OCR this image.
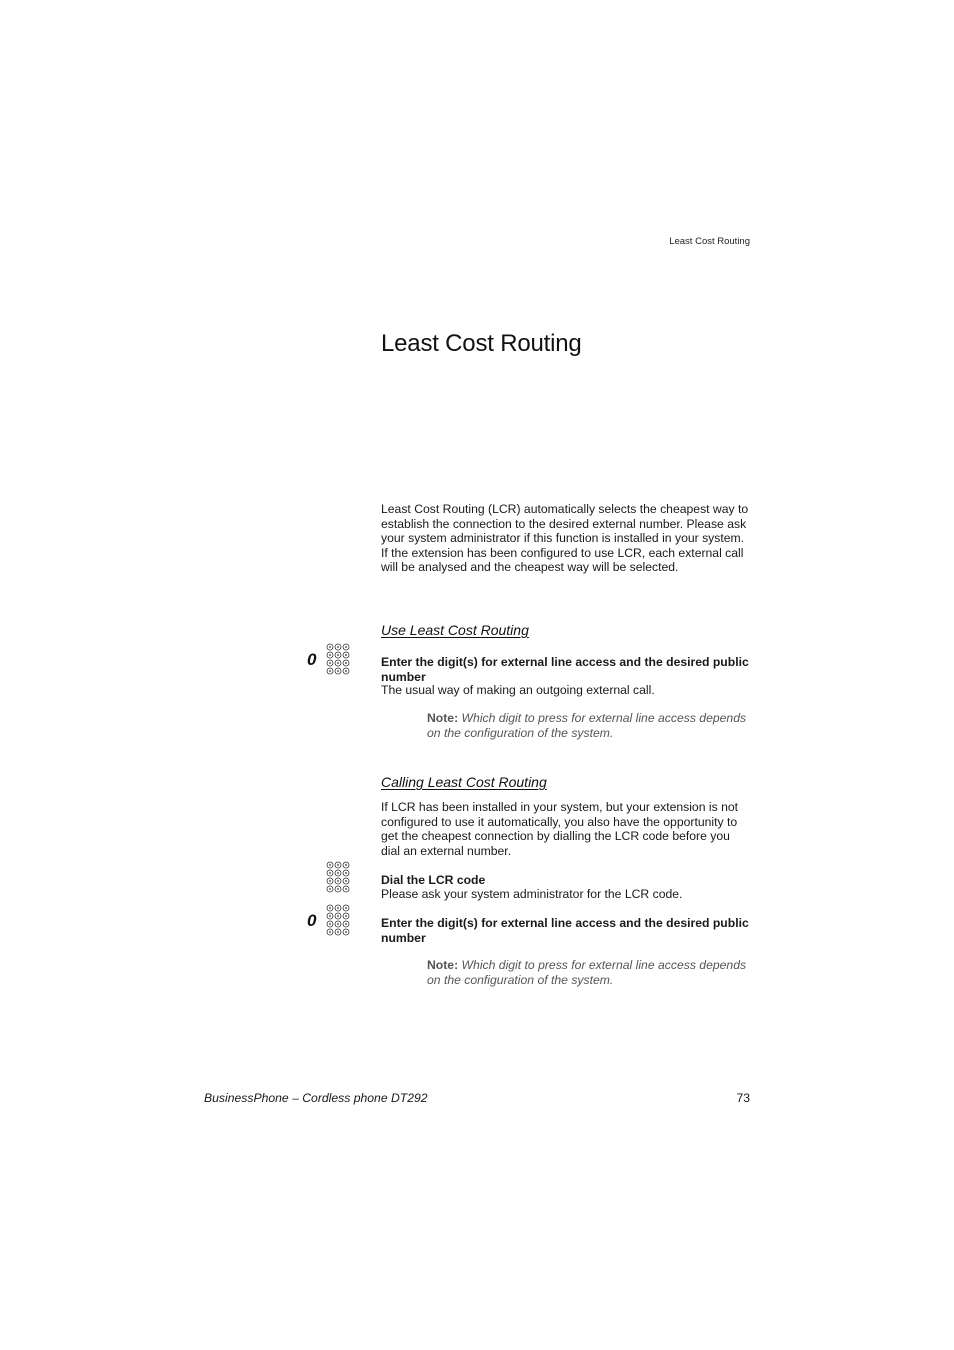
Least Cost Routing
Least Cost Routing
Least Cost Routing (LCR) automatically selects the cheapest way to establish the connection to the desired external number. Please ask your system administrator if this function is installed in your system. If the extension has been configured to use LCR, each external call will be analysed and the cheapest way will be selected.
Use Least Cost Routing
0	Enter the digit(s) for external line access and the desired public number
The usual way of making an outgoing external call.
Note: Which digit to press for external line access depends on the configuration of the system.
Calling Least Cost Routing
If LCR has been installed in your system, but your extension is not configured to use it automatically, you also have the opportunity to get the cheapest connection by dialling the LCR code before you dial an external number.
Dial the LCR code
Please ask your system administrator for the LCR code.
0	Enter the digit(s) for external line access and the desired public number
Note: Which digit to press for external line access depends on the configuration of the system.
BusinessPhone – Cordless phone DT292	73
